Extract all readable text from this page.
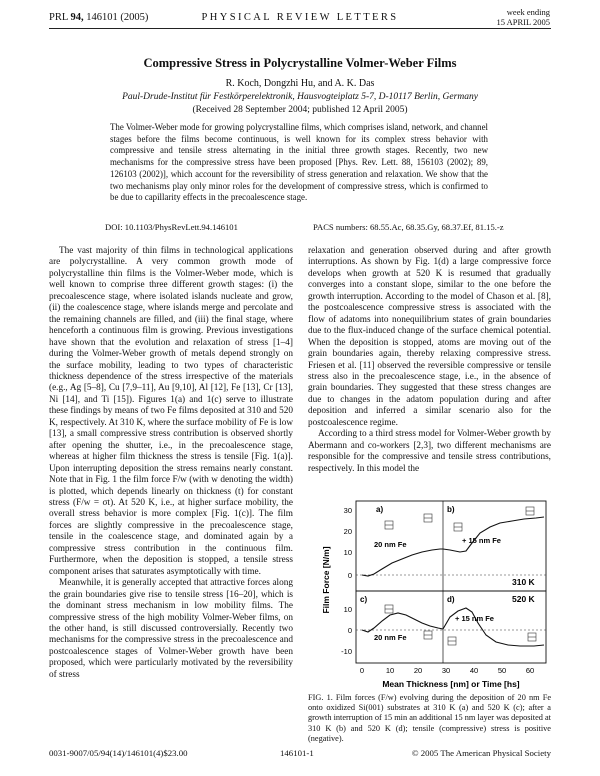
PRL 94, 146101 (2005)	PHYSICAL REVIEW LETTERS	week ending
15 APRIL 2005
Compressive Stress in Polycrystalline Volmer-Weber Films
R. Koch, Dongzhi Hu, and A. K. Das
Paul-Drude-Institut für Festkörperelektronik, Hausvogteiplatz 5-7, D-10117 Berlin, Germany
(Received 28 September 2004; published 12 April 2005)
The Volmer-Weber mode for growing polycrystalline films, which comprises island, network, and channel stages before the films become continuous, is well known for its complex stress behavior with compressive and tensile stress alternating in the initial three growth stages. Recently, two new mechanisms for the compressive stress have been proposed [Phys. Rev. Lett. 88, 156103 (2002); 89, 126103 (2002)], which account for the reversibility of stress generation and relaxation. We show that the two mechanisms play only minor roles for the development of compressive stress, which is confirmed to be due to capillarity effects in the precoalescence stage.
DOI: 10.1103/PhysRevLett.94.146101	PACS numbers: 68.55.Ac, 68.35.Gy, 68.37.Ef, 81.15.-z

The vast majority of thin films in technological applications are polycrystalline. A very common growth mode of polycrystalline thin films is the Volmer-Weber mode, which is well known to comprise three different growth stages: (i) the precoalescence stage, where isolated islands nucleate and grow, (ii) the coalescence stage, where islands merge and percolate and the remaining channels are filled, and (iii) the final stage, where henceforth a continuous film is growing. Previous investigations have shown that the evolution and relaxation of stress [1–4] during the Volmer-Weber growth of metals depend strongly on the surface mobility, leading to two types of characteristic thickness dependence of the stress irrespective of the materials (e.g., Ag [5–8], Cu [7,9–11], Au [9,10], Al [12], Fe [13], Cr [13], Ni [14], and Ti [15]). Figures 1(a) and 1(c) serve to illustrate these findings by means of two Fe films deposited at 310 and 520 K, respectively. At 310 K, where the surface mobility of Fe is low [13], a small compressive stress contribution is observed shortly after opening the shutter, i.e., in the precoalescence stage, whereas at higher film thickness the stress is tensile [Fig. 1(a)]. Upon interrupting deposition the stress remains nearly constant. Note that in Fig. 1 the film force F/w (with w denoting the width) is plotted, which depends linearly on thickness (t) for constant stress (F/w = σt). At 520 K, i.e., at higher surface mobility, the overall stress behavior is more complex [Fig. 1(c)]. The film forces are slightly compressive in the precoalescence stage, tensile in the coalescence stage, and dominated again by a compressive stress contribution in the continuous film. Furthermore, when the deposition is stopped, a tensile stress component arises that saturates asymptotically with time.

Meanwhile, it is generally accepted that attractive forces along the grain boundaries give rise to tensile stress [16–20], which is the dominant stress mechanism in low mobility films. The compressive stress of the high mobility Volmer-Weber films, on the other hand, is still discussed controversially. Recently two mechanisms for the compressive stress in the precoalescence and postcoalescence stages of Volmer-Weber growth have been proposed, which were particularly motivated by the reversibility of stress

relaxation and generation observed during and after growth interruptions. As shown by Fig. 1(d) a large compressive force develops when growth at 520 K is resumed that gradually converges into a constant slope, similar to the one before the growth interruption. According to the model of Chason et al. [8], the postcoalescence compressive stress is associated with the flow of adatoms into nonequilibrium states of grain boundaries due to the flux-induced change of the surface chemical potential. When the deposition is stopped, atoms are moving out of the grain boundaries again, thereby relaxing compressive stress. Friesen et al. [11] observed the reversible compressive or tensile stress also in the precoalescence stage, i.e., in the absence of grain boundaries. They suggested that these stress changes are due to changes in the adatom population during and after deposition and inferred a similar scenario also for the postcoalescence regime.

According to a third stress model for Volmer-Weber growth by Abermann and co-workers [2,3], two different mechanisms are responsible for the compressive and tensile stress contributions, respectively. In this model the

Film Force [N/m]
30
20
10
0
10
0
-10
0	10	20	30	40	50	60
Mean Thickness [nm] or Time [hs]
a)	b)
c)	d)
20 nm Fe	+ 15 nm Fe
20 nm Fe
+ 15 nm Fe
310 K
520 K
FIG. 1. Film forces (F/w) evolving during the deposition of 20 nm Fe onto oxidized Si(001) substrates at 310 K (a) and 520 K (c); after a growth interruption of 15 min an additional 15 nm layer was deposited at 310 K (b) and 520 K (d); tensile (compressive) stress is positive (negative).
0031-9007/05/94(14)/146101(4)$23.00	146101-1	© 2005 The American Physical Society
